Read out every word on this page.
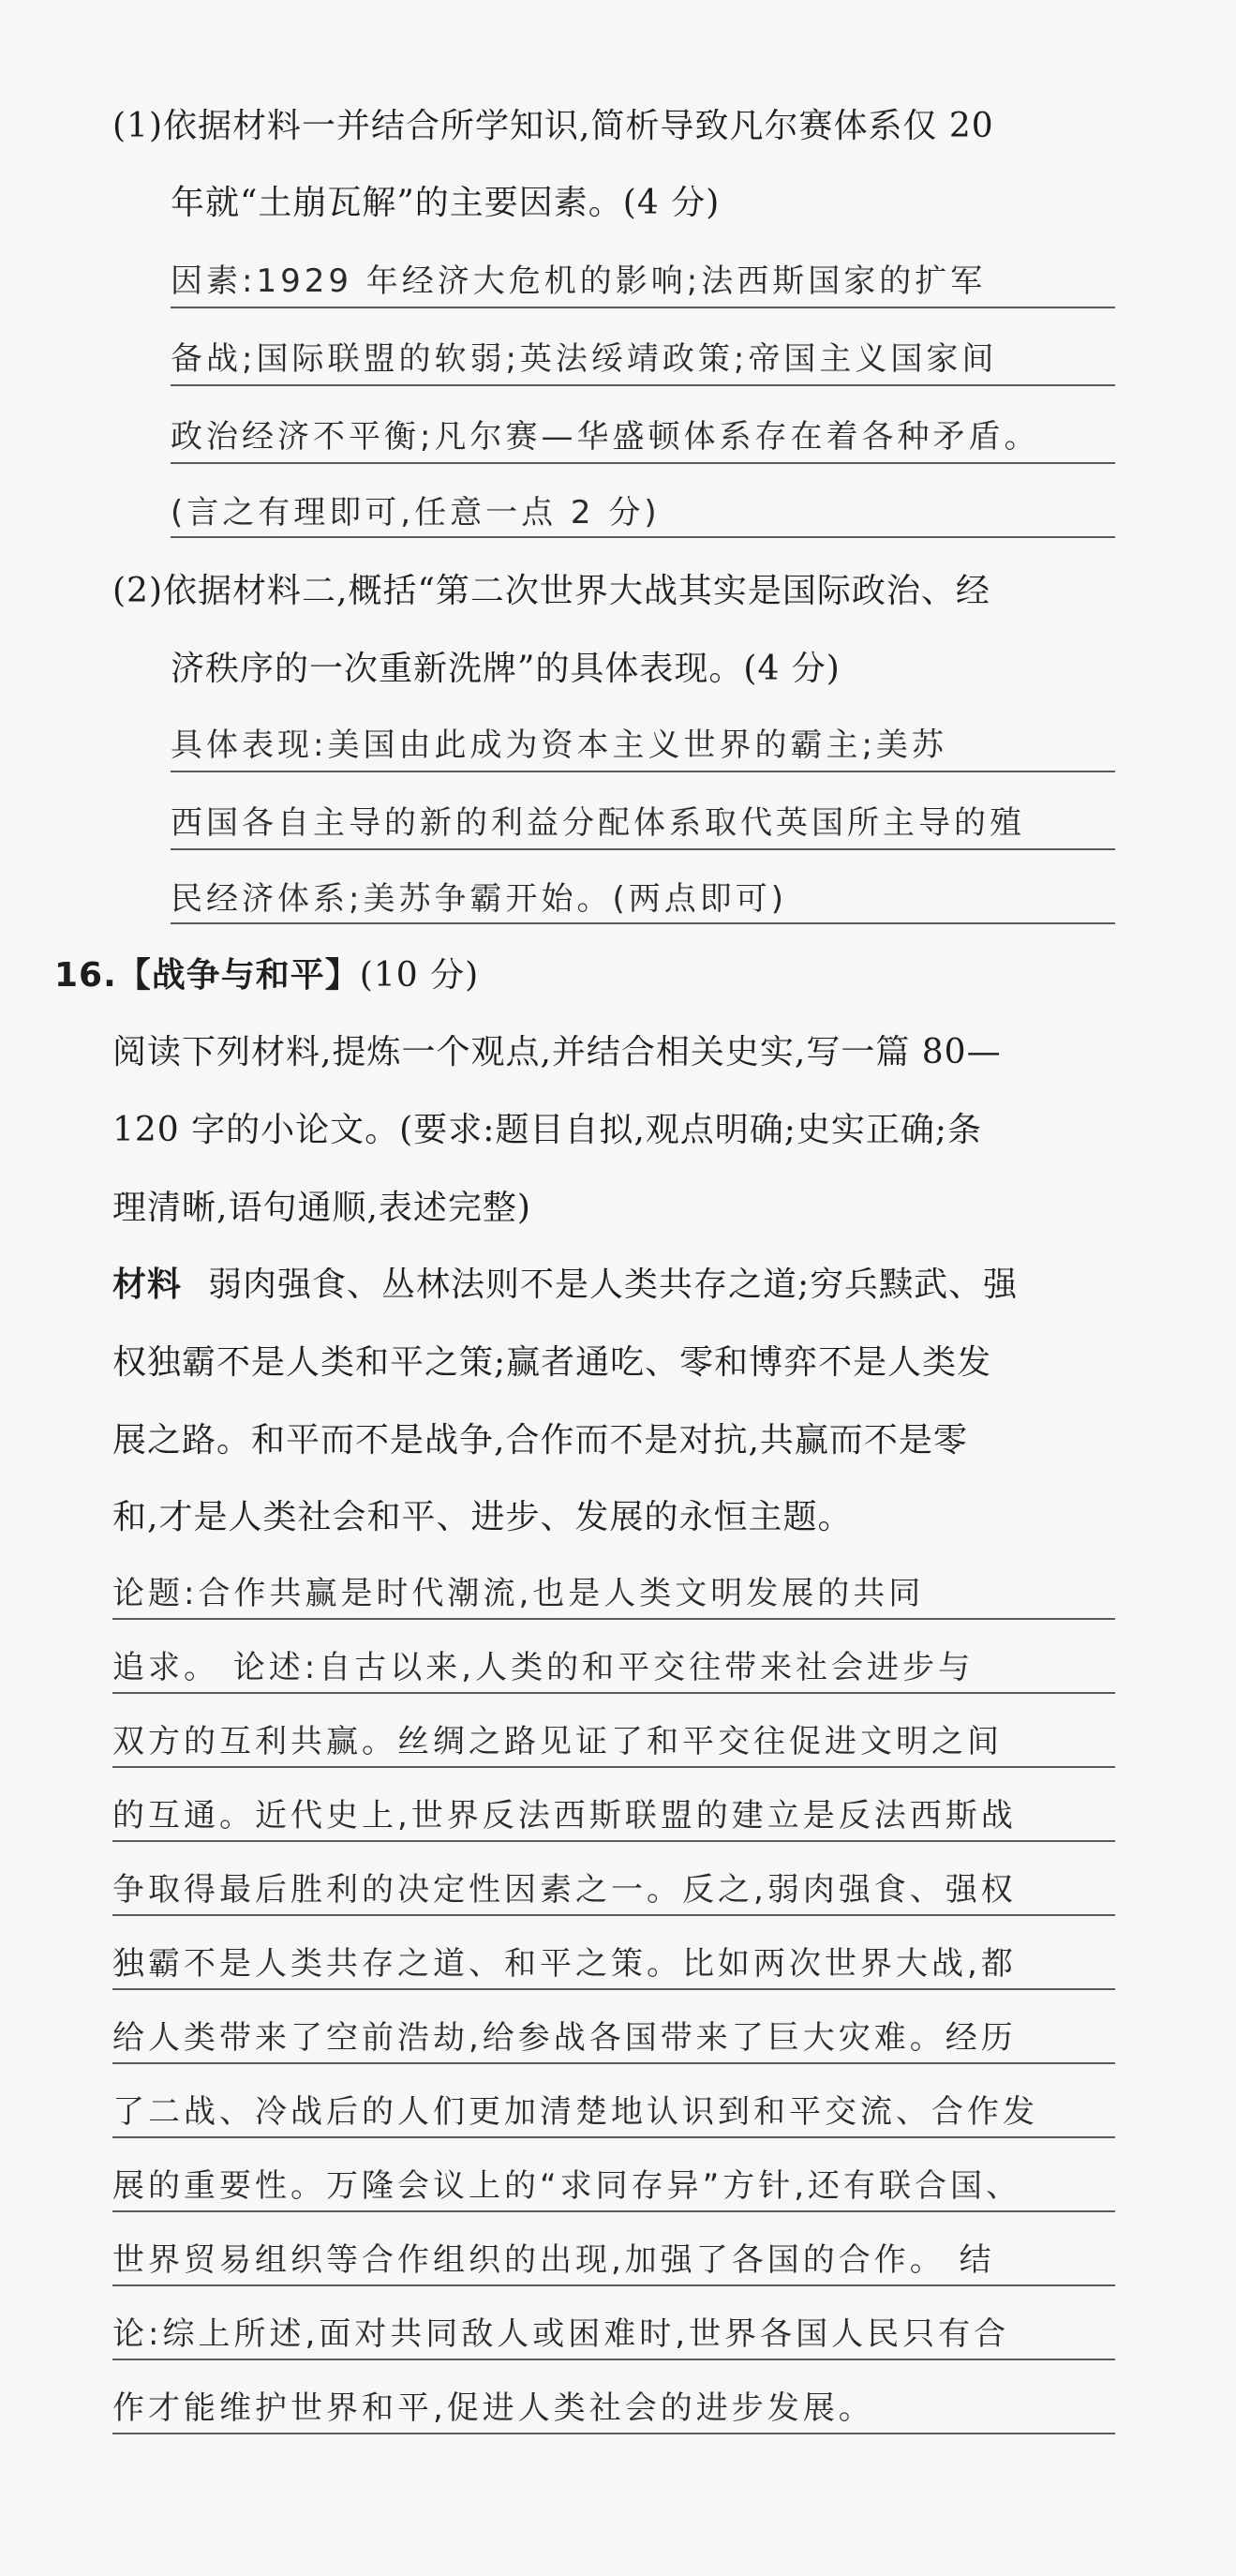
(1)依据材料一并结合所学知识,简析导致凡尔赛体系仅 20
年就“土崩瓦解”的主要因素。(4 分)
因素:1929 年经济大危机的影响;法西斯国家的扩军
备战;国际联盟的软弱;英法绥靖政策;帝国主义国家间
政治经济不平衡;凡尔赛—华盛顿体系存在着各种矛盾。
(言之有理即可,任意一点 2 分)
(2)依据材料二,概括“第二次世界大战其实是国际政治、经
济秩序的一次重新洗牌”的具体表现。(4 分)
具体表现:美国由此成为资本主义世界的霸主;美苏
西国各自主导的新的利益分配体系取代英国所主导的殖
民经济体系;美苏争霸开始。(两点即可)
16.【战争与和平】(10 分)
阅读下列材料,提炼一个观点,并结合相关史实,写一篇 80—
120 字的小论文。(要求:题目自拟,观点明确;史实正确;条
理清晰,语句通顺,表述完整)
材料 弱肉强食、丛林法则不是人类共存之道;穷兵黩武、强
权独霸不是人类和平之策;赢者通吃、零和博弈不是人类发
展之路。和平而不是战争,合作而不是对抗,共赢而不是零
和,才是人类社会和平、进步、发展的永恒主题。
论题:合作共赢是时代潮流,也是人类文明发展的共同
追求。 论述:自古以来,人类的和平交往带来社会进步与
双方的互利共赢。丝绸之路见证了和平交往促进文明之间
的互通。近代史上,世界反法西斯联盟的建立是反法西斯战
争取得最后胜利的决定性因素之一。反之,弱肉强食、强权
独霸不是人类共存之道、和平之策。比如两次世界大战,都
给人类带来了空前浩劫,给参战各国带来了巨大灾难。经历
了二战、冷战后的人们更加清楚地认识到和平交流、合作发
展的重要性。万隆会议上的“求同存异”方针,还有联合国、
世界贸易组织等合作组织的出现,加强了各国的合作。 结
论:综上所述,面对共同敌人或困难时,世界各国人民只有合
作才能维护世界和平,促进人类社会的进步发展。
